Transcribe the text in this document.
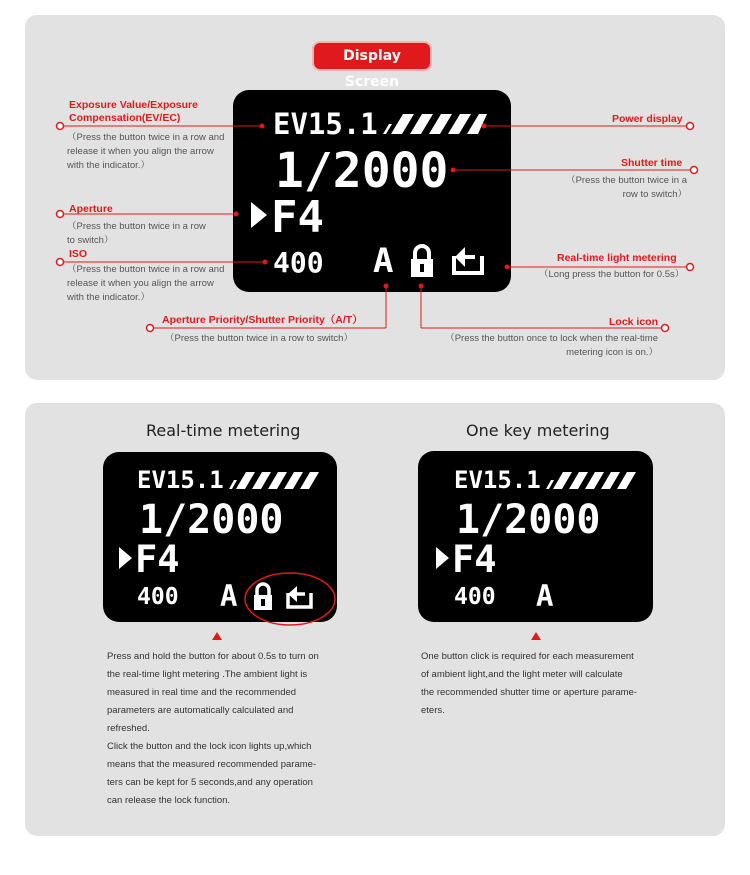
Display Screen
EV15.1
1/2000
F4
400 A
Exposure Value/Exposure
Compensation(EV/EC)
（Press the button twice in a row and
release it when you align the arrow
with the indicator.）
Aperture
（Press the button twice in a row
to switch）
ISO
（Press the button twice in a row and
release it when you align the arrow
with the indicator.）
Aperture Priority/Shutter Priority（A/T）
（Press the button twice in a row to switch）
Power display
Shutter time
（Press the button twice in a
row to switch）
Real-time light metering
（Long press the button for 0.5s）
Lock icon
（Press the button once to lock when the real-time
metering icon is on.）
Real-time metering	One key metering
EV15.1
1/2000
F4
400 A
EV15.1
1/2000
F4
400 A
Press and hold the button for about 0.5s to turn on
the real-time light metering .The ambient light is
measured in real time and the recommended
parameters are automatically calculated and
refreshed.
Click the button and the lock icon lights up,which
means that the measured recommended parame-
ters can be kept for 5 seconds,and any operation
can release the lock function.
One button click is required for each measurement
of ambient light,and the light meter will calculate
the recommended shutter time or aperture parame-
eters.
